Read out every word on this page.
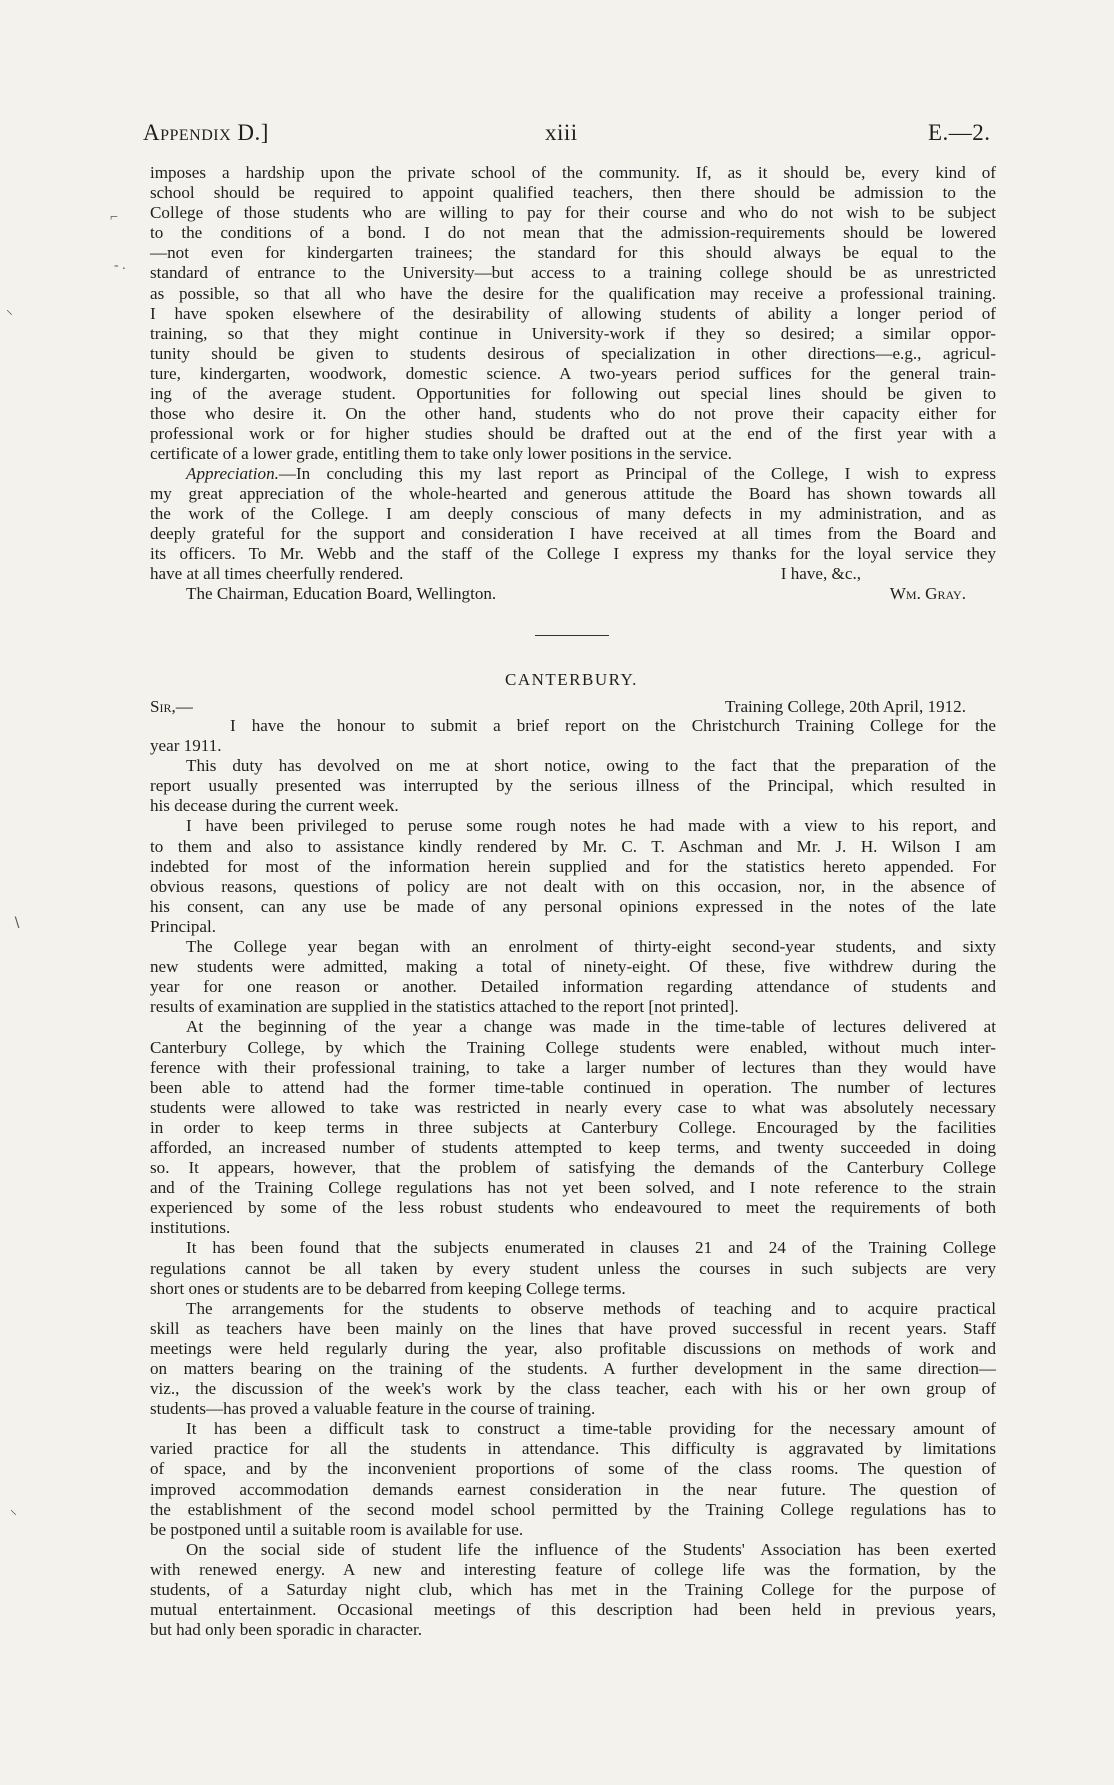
Appendix D.]	xiii	E.—2.
imposes a hardship upon the private school of the community. If, as it should be, every kind of
school should be required to appoint qualified teachers, then there should be admission to the
College of those students who are willing to pay for their course and who do not wish to be subject
to the conditions of a bond. I do not mean that the admission-requirements should be lowered
—not even for kindergarten trainees; the standard for this should always be equal to the
standard of entrance to the University—but access to a training college should be as unrestricted
as possible, so that all who have the desire for the qualification may receive a professional training.
I have spoken elsewhere of the desirability of allowing students of ability a longer period of
training, so that they might continue in University-work if they so desired; a similar oppor-
tunity should be given to students desirous of specialization in other directions—e.g., agricul-
ture, kindergarten, woodwork, domestic science. A two-years period suffices for the general train-
ing of the average student. Opportunities for following out special lines should be given to
those who desire it. On the other hand, students who do not prove their capacity either for
professional work or for higher studies should be drafted out at the end of the first year with a
certificate of a lower grade, entitling them to take only lower positions in the service.
Appreciation.—In concluding this my last report as Principal of the College, I wish to express
my great appreciation of the whole-hearted and generous attitude the Board has shown towards all
the work of the College. I am deeply conscious of many defects in my administration, and as
deeply grateful for the support and consideration I have received at all times from the Board and
its officers. To Mr. Webb and the staff of the College I express my thanks for the loyal service they
have at all times cheerfully rendered.	I have, &c.,
The Chairman, Education Board, Wellington.	Wm. Gray.
CANTERBURY.
Sir,—	Training College, 20th April, 1912.
I have the honour to submit a brief report on the Christchurch Training College for the
year 1911.
This duty has devolved on me at short notice, owing to the fact that the preparation of the
report usually presented was interrupted by the serious illness of the Principal, which resulted in
his decease during the current week.
I have been privileged to peruse some rough notes he had made with a view to his report, and
to them and also to assistance kindly rendered by Mr. C. T. Aschman and Mr. J. H. Wilson I am
indebted for most of the information herein supplied and for the statistics hereto appended. For
obvious reasons, questions of policy are not dealt with on this occasion, nor, in the absence of
his consent, can any use be made of any personal opinions expressed in the notes of the late
Principal.
The College year began with an enrolment of thirty-eight second-year students, and sixty
new students were admitted, making a total of ninety-eight. Of these, five withdrew during the
year for one reason or another. Detailed information regarding attendance of students and
results of examination are supplied in the statistics attached to the report [not printed].
At the beginning of the year a change was made in the time-table of lectures delivered at
Canterbury College, by which the Training College students were enabled, without much inter-
ference with their professional training, to take a larger number of lectures than they would have
been able to attend had the former time-table continued in operation. The number of lectures
students were allowed to take was restricted in nearly every case to what was absolutely necessary
in order to keep terms in three subjects at Canterbury College. Encouraged by the facilities
afforded, an increased number of students attempted to keep terms, and twenty succeeded in doing
so. It appears, however, that the problem of satisfying the demands of the Canterbury College
and of the Training College regulations has not yet been solved, and I note reference to the strain
experienced by some of the less robust students who endeavoured to meet the requirements of both
institutions.
It has been found that the subjects enumerated in clauses 21 and 24 of the Training College
regulations cannot be all taken by every student unless the courses in such subjects are very
short ones or students are to be debarred from keeping College terms.
The arrangements for the students to observe methods of teaching and to acquire practical
skill as teachers have been mainly on the lines that have proved successful in recent years. Staff
meetings were held regularly during the year, also profitable discussions on methods of work and
on matters bearing on the training of the students. A further development in the same direction—
viz., the discussion of the week's work by the class teacher, each with his or her own group of
students—has proved a valuable feature in the course of training.
It has been a difficult task to construct a time-table providing for the necessary amount of
varied practice for all the students in attendance. This difficulty is aggravated by limitations
of space, and by the inconvenient proportions of some of the class rooms. The question of
improved accommodation demands earnest consideration in the near future. The question of
the establishment of the second model school permitted by the Training College regulations has to
be postponed until a suitable room is available for use.
On the social side of student life the influence of the Students' Association has been exerted
with renewed energy. A new and interesting feature of college life was the formation, by the
students, of a Saturday night club, which has met in the Training College for the purpose of
mutual entertainment. Occasional meetings of this description had been held in previous years,
but had only been sporadic in character.
⌐
‑ .
⸜
∖
⸜
